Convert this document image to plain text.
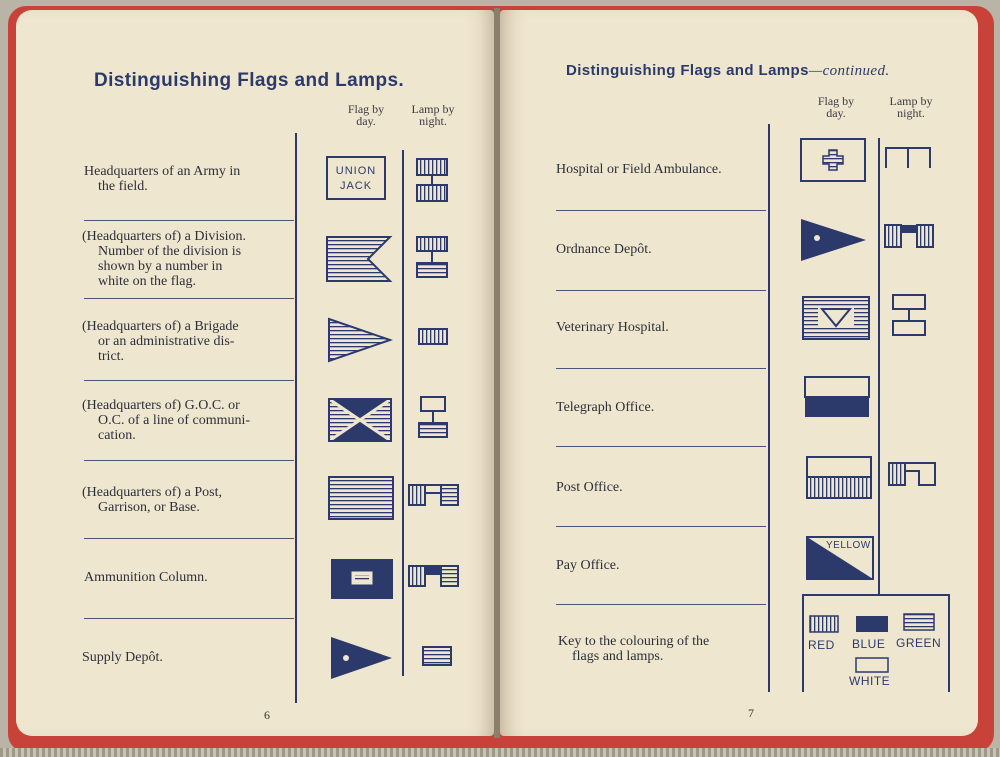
Distinguishing Flags and Lamps.
Flag by day.
Lamp by night.
Headquarters of an Army in
the field.
(Headquarters of) a Division.
Number of the division is
shown by a number in
white on the flag.
(Headquarters of) a Brigade
or an administrative dis-
trict.
(Headquarters of) G.O.C. or
O.C. of a line of communi-
cation.
(Headquarters of) a Post,
Garrison, or Base.
Ammunition Column.
Supply Depôt.
UNION
JACK
6
Distinguishing Flags and Lamps—continued.
Flag by day.
Lamp by night.
Hospital or Field Ambulance.
Ordnance Depôt.
Veterinary Hospital.
Telegraph Office.
Post Office.
Pay Office.
Key to the colouring of the
flags and lamps.
YELLOW
RED BLUE GREEN
WHITE
7
